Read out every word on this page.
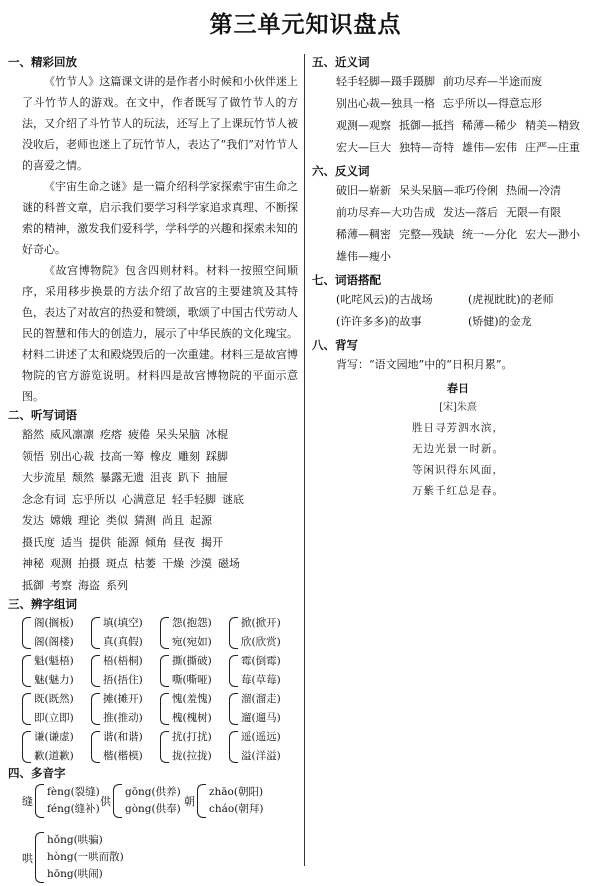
第三单元知识盘点
一、精彩回放

《竹节人》这篇课文讲的是作者小时候和小伙伴迷上了斗竹节人的游戏。在文中，作者既写了做竹节人的方法，又介绍了斗竹节人的玩法，还写上了上课玩竹节人被没收后，老师也迷上了玩竹节人，表达了“我们”对竹节人的喜爱之情。

《宇宙生命之谜》是一篇介绍科学家探索宇宙生命之谜的科普文章，启示我们要学习科学家追求真理、不断探索的精神，激发我们爱科学，学科学的兴趣和探索未知的好奇心。

《故宫博物院》包含四则材料。材料一按照空间顺序，采用移步换景的方法介绍了故宫的主要建筑及其特色，表达了对故宫的热爱和赞颂，歌颂了中国古代劳动人民的智慧和伟大的创造力，展示了中华民族的文化瑰宝。材料二讲述了太和殿烧毁后的一次重建。材料三是故宫博物院的官方游览说明。材料四是故宫博物院的平面示意图。

二、听写词语
豁然 威风凛凛 疙瘩 疲倦 呆头呆脑 冰棍
领悟 别出心裁 技高一筹 橡皮 雕刻 踩脚
大步流星 颓然 暴露无遗 沮丧 趴下 抽屉
念念有词 忘乎所以 心满意足 轻手轻脚 谜底
发达 嫦娥 理论 类似 猜测 尚且 起源
摄氏度 适当 提供 能源 倾角 昼夜 揭开
神秘 观测 拍摄 斑点 枯萎 干燥 沙漠 磁场
抵御 考察 海盗 系列
三、辨字组词
阁(搁板)
阁(阁楼)
填(填空)
真(真假)
怨(抱怨)
宛(宛如)
掀(掀开)
欣(欣赏)
魁(魁梧)
魅(魅力)
梧(梧桐)
捂(捂住)
撕(撕破)
嘶(嘶哑)
霉(倒霉)
莓(草莓)
既(既然)
即(立即)
摊(摊开)
推(推动)
愧(羞愧)
槐(槐树)
溜(溜走)
遛(遛马)
谦(谦虚)
歉(道歉)
谐(和谐)
楷(楷模)
扰(打扰)
拢(拉拢)
遥(遥远)
溢(洋溢)
四、多音字
缝
fèng(裂缝)
féng(缝补)
供
gōng(供养)
gòng(供奉)
朝
zhāo(朝阳)
cháo(朝拜)
哄
hǒng(哄骗)
hòng(一哄而散)
hōng(哄闹)
五、近义词
轻手轻脚—蹑手蹑脚 前功尽弃—半途而废
别出心裁—独具一格 忘乎所以—得意忘形
观测—观察 抵御—抵挡 稀薄—稀少 精美—精致
宏大—巨大 独特—奇特 雄伟—宏伟 庄严—庄重
六、反义词
破旧—崭新 呆头呆脑—乖巧伶俐 热闹—冷清
前功尽弃—大功告成 发达—落后 无限—有限
稀薄—稠密 完整—残缺 统一—分化 宏大—渺小
雄伟—瘦小
七、词语搭配
(叱咤风云)的古战场	(虎视眈眈)的老师
(许许多多)的故事	(矫健)的金龙
八、背写
背写：“语文园地”中的“日积月累”。
春日
[宋]朱熹
胜日寻芳泗水滨，
无边光景一时新。
等闲识得东风面，
万紫千红总是春。
